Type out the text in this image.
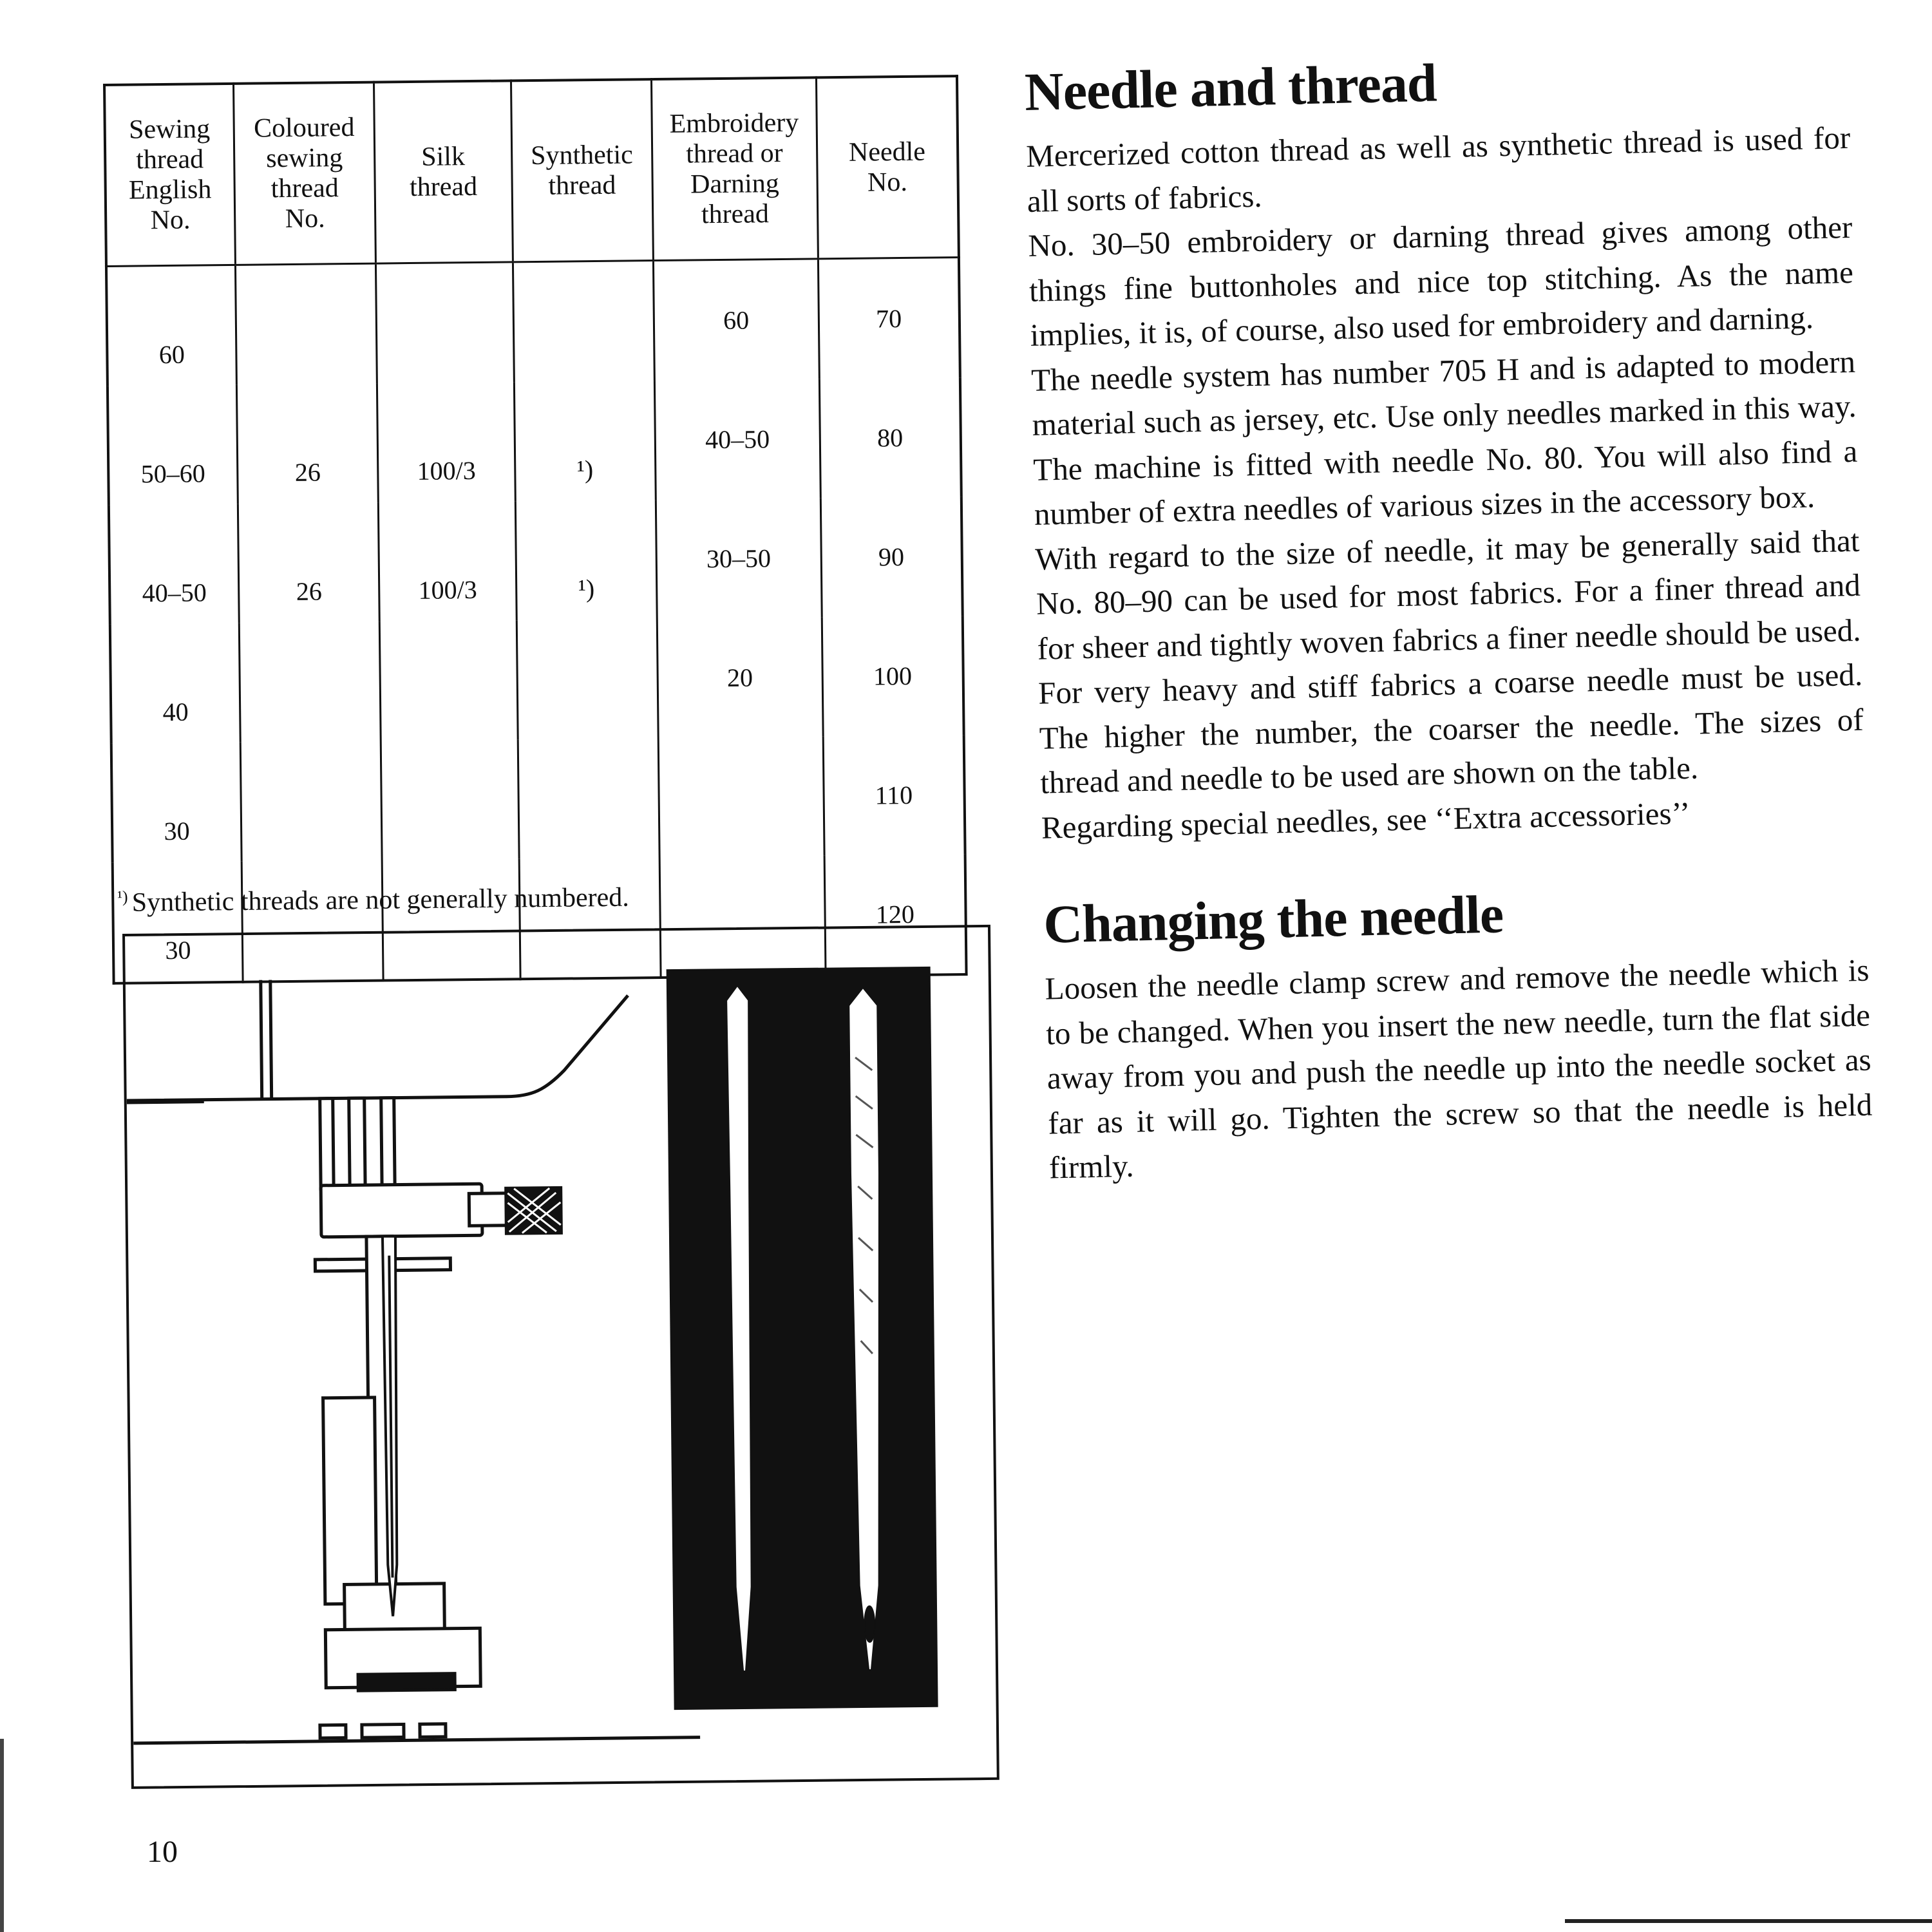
Sewing
thread
English
No.	Coloured
sewing
thread
No.	Silk
thread	Synthetic
thread	Embroidery
thread or
Darning
thread	Needle
No.
60				60	70
50–60	26	100/3	¹)	40–50	80
40–50	26	100/3	¹)	30–50	90
40				20	100
30					110
30					120
$^{^1)}$ Synthetic threads are not generally numbered.
Needle and thread

Mercerized cotton thread as well as synthetic thread is used for all sorts of fabrics.

No. 30–50 embroidery or darning thread gives among other things fine buttonholes and nice top stitching. As the name implies, it is, of course, also used for embroidery and darning.

The needle system has number 705 H and is adapted to modern material such as jersey, etc. Use only needles marked in this way. The machine is fitted with needle No. 80. You will also find a number of extra needles of various sizes in the accessory box.

With regard to the size of needle, it may be generally said that No. 80–90 can be used for most fabrics. For a finer thread and for sheer and tightly woven fabrics a finer needle should be used.

For very heavy and stiff fabrics a coarse needle must be used. The higher the number, the coarser the needle. The sizes of thread and needle to be used are shown on the table.

Regarding special needles, see ‘‘Extra accessories’’

Changing the needle

Loosen the needle clamp screw and remove the needle which is to be changed. When you insert the new needle, turn the flat side away from you and push the needle up into the needle socket as far as it will go. Tighten the screw so that the needle is held firmly.

10
